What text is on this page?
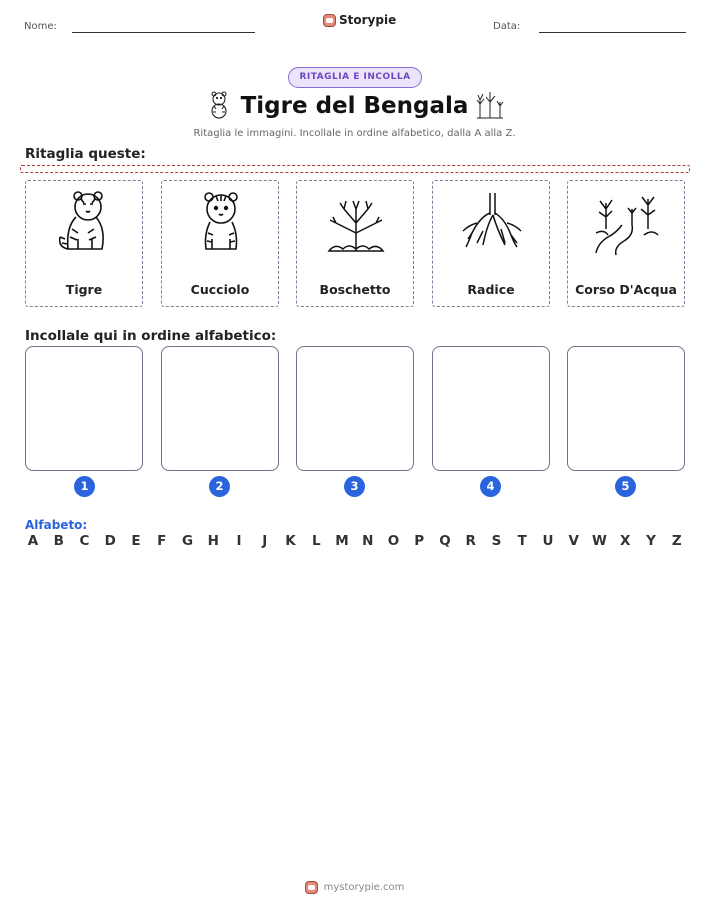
Nome:	Storypie	Data:
RITAGLIA E INCOLLA
Tigre del Bengala
Ritaglia le immagini. Incollale in ordine alfabetico, dalla A alla Z.
Ritaglia queste:
Tigre	Cucciolo	Boschetto	Radice	Corso D'Acqua
Incollale qui in ordine alfabetico:
1	2	3	4	5
Alfabeto:
A B C D E F G H	I	J	K L M N O P Q R S T U V W X Y Z
mystorypie.com
